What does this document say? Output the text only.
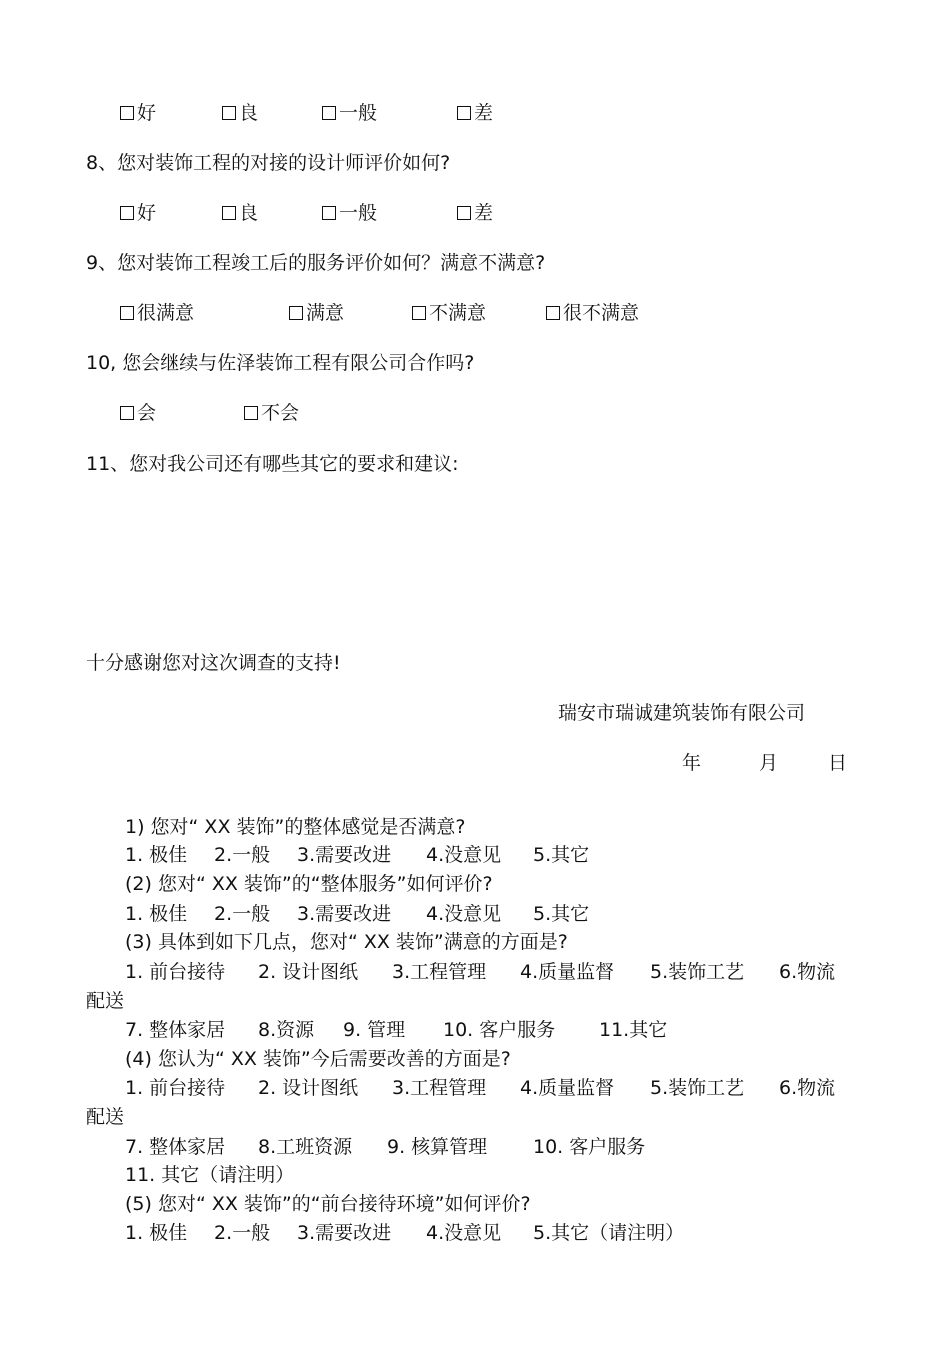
好	良	一般	差
8、您对装饰工程的对接的设计师评价如何?
好	良	一般	差
9、您对装饰工程竣工后的服务评价如何？满意不满意?
很满意	满意	不满意	很不满意
10, 您会继续与佐泽装饰工程有限公司合作吗?
会	不会
11、您对我公司还有哪些其它的要求和建议:
十分感谢您对这次调查的支持!
瑞安市瑞诚建筑装饰有限公司
年	月	日
1) 您对“ XX 装饰”的整体感觉是否满意?
1. 极佳 2.一般 3.需要改进 4.没意见 5.其它
(2) 您对“ XX 装饰”的“整体服务”如何评价?
1. 极佳 2.一般 3.需要改进 4.没意见 5.其它
(3) 具体到如下几点，您对“ XX 装饰”满意的方面是?
1. 前台接待 2. 设计图纸 3.工程管理 4.质量监督 5.装饰工艺 6.物流
配送
7. 整体家居 8.资源 9. 管理 10. 客户服务 11.其它
(4) 您认为“ XX 装饰”今后需要改善的方面是?
1. 前台接待 2. 设计图纸 3.工程管理 4.质量监督 5.装饰工艺 6.物流
配送
7. 整体家居 8.工班资源 9. 核算管理 10. 客户服务
11. 其它（请注明）
(5) 您对“ XX 装饰”的“前台接待环境”如何评价?
1. 极佳 2.一般 3.需要改进 4.没意见 5.其它（请注明）
